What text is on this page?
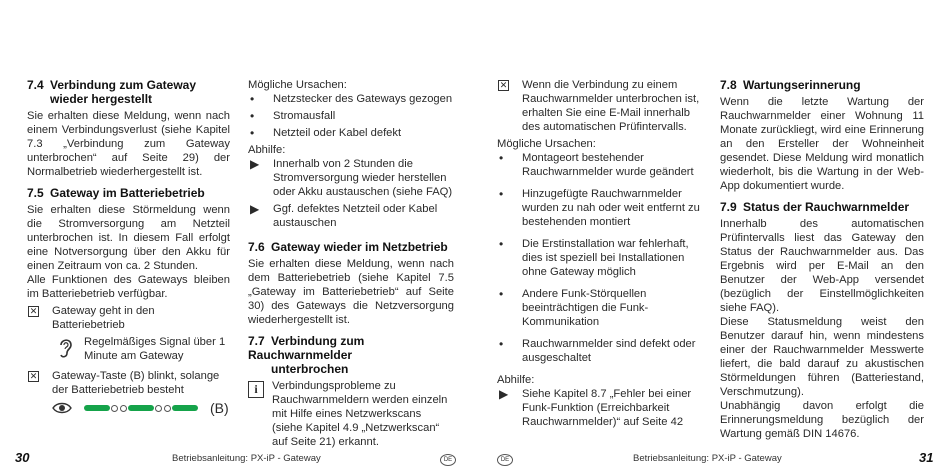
7.4 Verbindung zum Gateway
wieder hergestellt

Sie erhalten diese Meldung, wenn nach einem Verbindungsverlust (siehe Kapitel 7.3 „Verbindung zum Gateway unterbrochen“ auf Seite 29) der Normalbetrieb wiederhergestellt ist.

7.5 Gateway im Batteriebetrieb

Sie erhalten diese Störmeldung wenn die Stromversorgung am Netzteil unterbrochen ist. In diesem Fall erfolgt eine Notversorgung über den Akku für einen Zeitraum von ca. 2 Stunden.

Alle Funktionen des Gateways bleiben im Batteriebetrieb verfügbar.

✕ Gateway geht in den Batteriebetrieb
Regelmäßiges Signal über 1 Minute am Gateway
✕ Gateway-Taste (B) blinkt, solange der Batteriebetrieb besteht
(B)
Mögliche Ursachen:
• Netzstecker des Gateways gezogen
• Stromausfall
• Netzteil oder Kabel defekt
Abhilfe:
▶ Innerhalb von 2 Stunden die Stromversorgung wieder herstellen oder Akku austauschen (siehe FAQ)
▶ Ggf. defektes Netzteil oder Kabel austauschen
7.6 Gateway wieder im Netzbetrieb

Sie erhalten diese Meldung, wenn nach dem Batteriebetrieb (siehe Kapitel 7.5 „Gateway im Batteriebetrieb“ auf Seite 30) des Gateways die Netzversorgung wiederhergestellt ist.

7.7 Verbindung zum Rauchwarnmelder
unterbrochen
i	Verbindungsprobleme zu Rauchwarnmeldern werden einzeln mit Hilfe eines Netzwerkscans (siehe Kapitel 4.9 „Netzwerkscan“ auf Seite 21) erkannt.
✕ Wenn die Verbindung zu einem Rauchwarnmelder unterbrochen ist, erhalten Sie eine E-Mail innerhalb des automatischen Prüfintervalls.
Mögliche Ursachen:
• Montageort bestehender Rauchwarnmelder wurde geändert
• Hinzugefügte Rauchwarnmelder wurden zu nah oder weit entfernt zu bestehenden montiert
• Die Erstinstallation war fehlerhaft, dies ist speziell bei Installationen ohne Gateway möglich
• Andere Funk-Störquellen beeinträchtigen die Funk-Kommunikation
• Rauchwarnmelder sind defekt oder ausgeschaltet
Abhilfe:
▶ Siehe Kapitel 8.7 „Fehler bei einer Funk-Funktion (Erreichbarkeit Rauchwarnmelder)“ auf Seite 42
7.8 Wartungserinnerung

Wenn die letzte Wartung der Rauchwarnmelder einer Wohnung 11 Monate zurückliegt, wird eine Erinnerung an den Ersteller der Wohneinheit gesendet. Diese Meldung wird monatlich wiederholt, bis die Wartung in der Web-App dokumentiert wurde.

7.9 Status der Rauchwarnmelder

Innerhalb des automatischen Prüfintervalls liest das Gateway den Status der Rauchwarnmelder aus. Das Ergebnis wird per E-Mail an den Benutzer der Web-App versendet (bezüglich der Einstellmöglichkeiten siehe FAQ).

Diese Statusmeldung weist den Benutzer darauf hin, wenn mindestens einer der Rauchwarnmelder Messwerte liefert, die bald darauf zu akustischen Störmeldungen führen (Batteriestand, Verschmutzung).

Unabhängig davon erfolgt die Erinnerungsmeldung bezüglich der Wartung gemäß DIN 14676.

30	Betriebsanleitung: PX-iP - Gateway	DE	DE	Betriebsanleitung: PX-iP - Gateway	31
